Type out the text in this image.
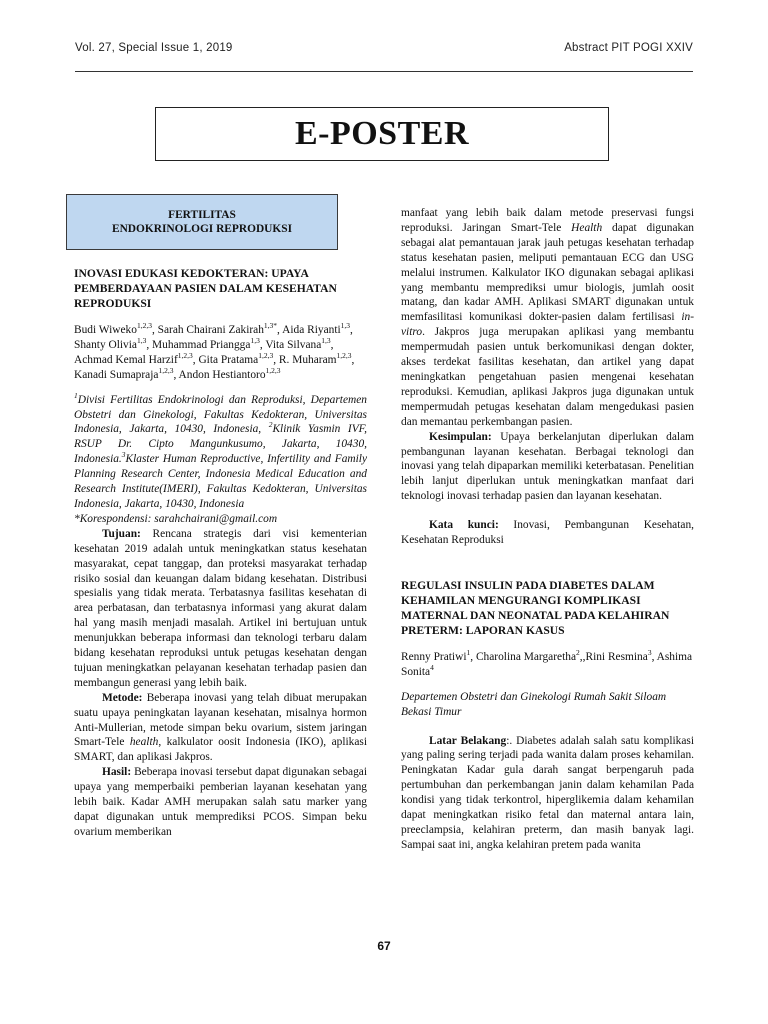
Vol. 27, Special Issue 1, 2019	Abstract PIT POGI XXIV
E-POSTER
FERTILITAS
ENDOKRINOLOGI REPRODUKSI

INOVASI EDUKASI KEDOKTERAN: UPAYA PEMBERDAYAAN PASIEN DALAM KESEHATAN REPRODUKSI

Budi Wiweko$^{1,2,3}$, Sarah Chairani Zakirah$^{1,3*}$, Aida Riyanti$^{1,3}$, Shanty Olivia$^{1,3}$, Muhammad Priangga$^{1,3}$, Vita Silvana$^{1,3}$, Achmad Kemal Harzif$^{1,2,3}$, Gita Pratama$^{1,2,3}$, R. Muharam$^{1,2,3}$, Kanadi Sumapraja$^{1,2,3}$, Andon Hestiantoro$^{1,2,3}$

$^1$Divisi Fertilitas Endokrinologi dan Reproduksi, Departemen Obstetri dan Ginekologi, Fakultas Kedokteran, Universitas Indonesia, Jakarta, 10430, Indonesia, $^2$Klinik Yasmin IVF, RSUP Dr. Cipto Mangunkusumo, Jakarta, 10430, Indonesia.$^3$Klaster Human Reproductive, Infertility and Family Planning Research Center, Indonesia Medical Education and Research Institute(IMERI), Fakultas Kedokteran, Universitas Indonesia, Jakarta, 10430, Indonesia
*Korespondensi: sarahchairani@gmail.com

Tujuan: Rencana strategis dari visi kementerian kesehatan 2019 adalah untuk meningkatkan status kesehatan masyarakat, cepat tanggap, dan proteksi masyarakat terhadap risiko sosial dan keuangan dalam bidang kesehatan. Distribusi spesialis yang tidak merata. Terbatasnya fasilitas kesehatan di area perbatasan, dan terbatasnya informasi yang akurat dalam hal yang masih menjadi masalah. Artikel ini bertujuan untuk menunjukkan beberapa informasi dan teknologi terbaru dalam bidang kesehatan reproduksi untuk petugas kesehatan dengan tujuan meningkatkan pelayanan kesehatan terhadap pasien dan membangun generasi yang lebih baik.

Metode: Beberapa inovasi yang telah dibuat merupakan suatu upaya peningkatan layanan kesehatan, misalnya hormon Anti-Mullerian, metode simpan beku ovarium, sistem jaringan Smart-Tele health, kalkulator oosit Indonesia (IKO), aplikasi SMART, dan aplikasi Jakpros.

Hasil: Beberapa inovasi tersebut dapat digunakan sebagai upaya yang memperbaiki pemberian layanan kesehatan yang lebih baik. Kadar AMH merupakan salah satu marker yang dapat digunakan untuk memprediksi PCOS. Simpan beku ovarium memberikan

manfaat yang lebih baik dalam metode preservasi fungsi reproduksi. Jaringan Smart-Tele Health dapat digunakan sebagai alat pemantauan jarak jauh petugas kesehatan terhadap status kesehatan pasien, meliputi pemantauan ECG dan USG melalui instrumen. Kalkulator IKO digunakan sebagai aplikasi yang membantu memprediksi umur biologis, jumlah oosit matang, dan kadar AMH. Aplikasi SMART digunakan untuk memfasilitasi komunikasi dokter-pasien dalam fertilisasi in-vitro. Jakpros juga merupakan aplikasi yang membantu mempermudah pasien untuk berkomunikasi dengan dokter, akses terdekat fasilitas kesehatan, dan artikel yang dapat meningkatkan pengetahuan pasien mengenai kesehatan reproduksi. Kemudian, aplikasi Jakpros juga digunakan untuk mempermudah petugas kesehatan dalam mengedukasi pasien dan memantau perkembangan pasien.

Kesimpulan: Upaya berkelanjutan diperlukan dalam pembangunan layanan kesehatan. Berbagai teknologi dan inovasi yang telah dipaparkan memiliki keterbatasan. Penelitian lebih lanjut diperlukan untuk meningkatkan manfaat dari teknologi inovasi terhadap pasien dan layanan kesehatan.

Kata kunci: Inovasi, Pembangunan Kesehatan, Kesehatan Reproduksi

REGULASI INSULIN PADA DIABETES DALAM KEHAMILAN MENGURANGI KOMPLIKASI MATERNAL DAN NEONATAL PADA KELAHIRAN PRETERM: LAPORAN KASUS

Renny Pratiwi$^1$, Charolina Margaretha$^2$,,Rini Resmina$^3$, Ashima Sonita$^4$

Departemen Obstetri dan Ginekologi Rumah Sakit Siloam Bekasi Timur

Latar Belakang:. Diabetes adalah salah satu komplikasi yang paling sering terjadi pada wanita dalam proses kehamilan. Peningkatan Kadar gula darah sangat berpengaruh pada pertumbuhan dan perkembangan janin dalam kehamilan Pada kondisi yang tidak terkontrol, hiperglikemia dalam kehamilan dapat meningkatkan risiko fetal dan maternal antara lain, preeclampsia, kelahiran preterm, dan masih banyak lagi. Sampai saat ini, angka kelahiran pretem pada wanita

67
